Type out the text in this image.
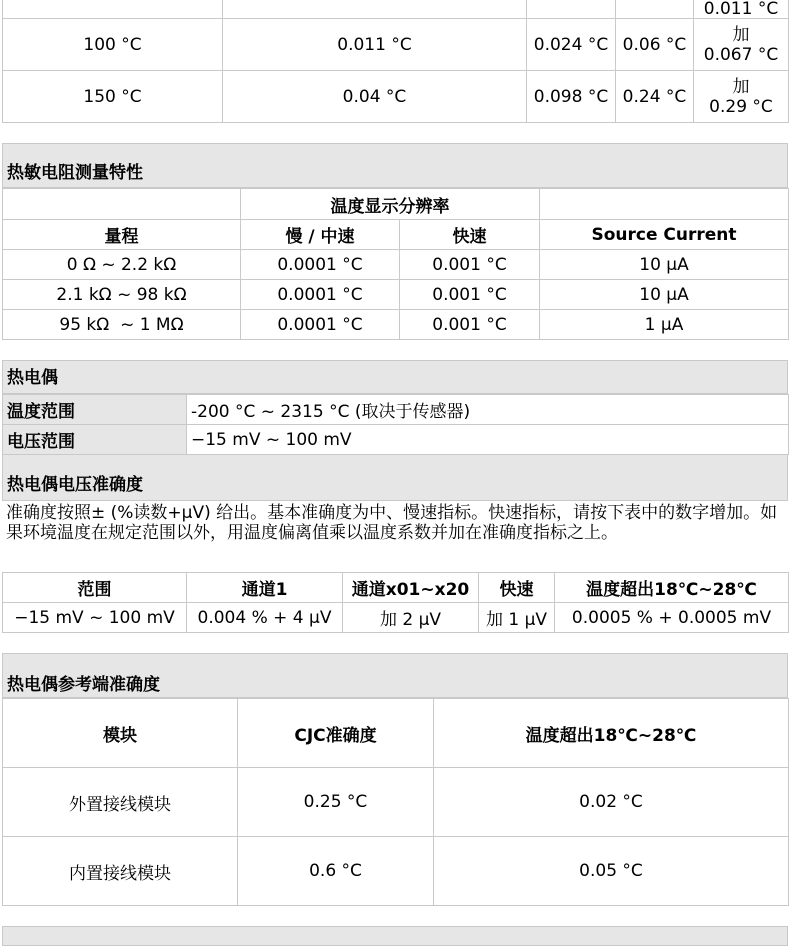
				0.011 °C
100 °C	0.011 °C	0.024 °C	0.06 °C	加
0.067 °C
150 °C	0.04 °C	0.098 °C	0.24 °C	加
0.29 °C
热敏电阻测量特性
	温度显示分辨率		
量程	慢 / 中速	快速	Source Current
0 Ω ~ 2.2 kΩ	0.0001 °C	0.001 °C	10 μA
2.1 kΩ ~ 98 kΩ	0.0001 °C	0.001 °C	10 μA
95 kΩ  ~ 1 MΩ	0.0001 °C	0.001 °C	1 μA
热电偶
温度范围	-200 °C ~ 2315 °C (取决于传感器)
电压范围	−15 mV ~ 100 mV
热电偶电压准确度
准确度按照± (%读数+μV) 给出。基本准确度为中、慢速指标。快速指标，请按下表中的数字增加。如果环境温度在规定范围以外，用温度偏离值乘以温度系数并加在准确度指标之上。
范围	通道1	通道x01~x20	快速	温度超出18℃~28℃
−15 mV ~ 100 mV	0.004 % + 4 μV	加 2 μV	加 1 μV	0.0005 % + 0.0005 mV
热电偶参考端准确度
模块	CJC准确度	温度超出18℃~28℃
外置接线模块	0.25 °C	0.02 °C
内置接线模块	0.6 °C	0.05 °C
